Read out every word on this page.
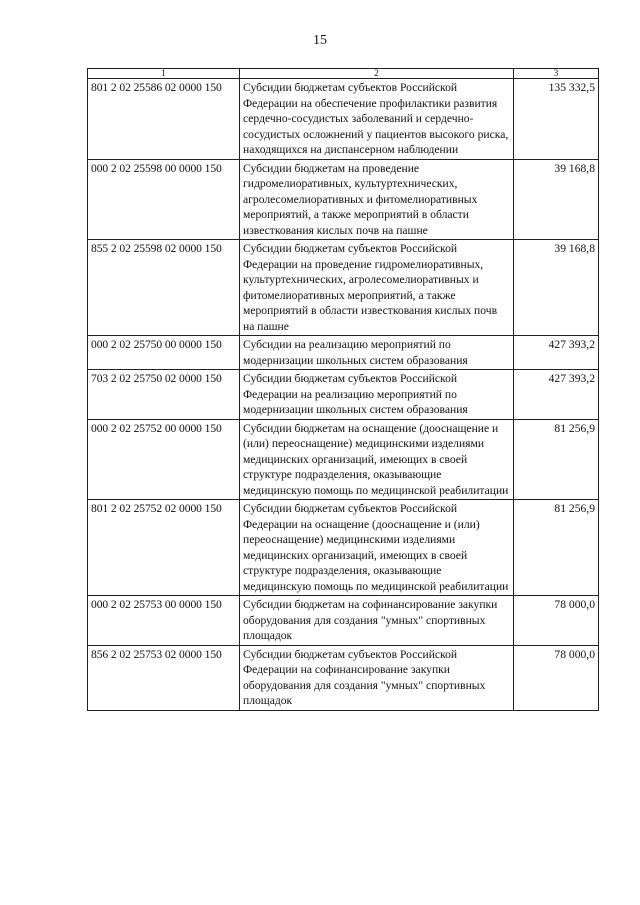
15
1	2	3
801 2 02 25586 02 0000 150	Субсидии бюджетам субъектов Российской Федерации на обеспечение профилактики развития сердечно-сосудистых заболеваний и сердечно-сосудистых осложнений у пациентов высокого риска, находящихся на диспансерном наблюдении	135 332,5
000 2 02 25598 00 0000 150	Субсидии бюджетам на проведение гидромелиоративных, культуртехнических, агролесомелиоративных и фитомелиоративных мероприятий, а также мероприятий в области известкования кислых почв на пашне	39 168,8
855 2 02 25598 02 0000 150	Субсидии бюджетам субъектов Российской Федерации на проведение гидромелиоративных, культуртехнических, агролесомелиоративных и фитомелиоративных мероприятий, а также мероприятий в области известкования кислых почв на пашне	39 168,8
000 2 02 25750 00 0000 150	Субсидии на реализацию мероприятий по модернизации школьных систем образования	427 393,2
703 2 02 25750 02 0000 150	Субсидии бюджетам субъектов Российской Федерации на реализацию мероприятий по модернизации школьных систем образования	427 393,2
000 2 02 25752 00 0000 150	Субсидии бюджетам на оснащение (дооснащение и (или) переоснащение) медицинскими изделиями медицинских организаций, имеющих в своей структуре подразделения, оказывающие медицинскую помощь по медицинской реабилитации	81 256,9
801 2 02 25752 02 0000 150	Субсидии бюджетам субъектов Российской Федерации на оснащение (дооснащение и (или) переоснащение) медицинскими изделиями медицинских организаций, имеющих в своей структуре подразделения, оказывающие медицинскую помощь по медицинской реабилитации	81 256,9
000 2 02 25753 00 0000 150	Субсидии бюджетам на софинансирование закупки оборудования для создания "умных" спортивных площадок	78 000,0
856 2 02 25753 02 0000 150	Субсидии бюджетам субъектов Российской Федерации на софинансирование закупки оборудования для создания "умных" спортивных площадок	78 000,0
